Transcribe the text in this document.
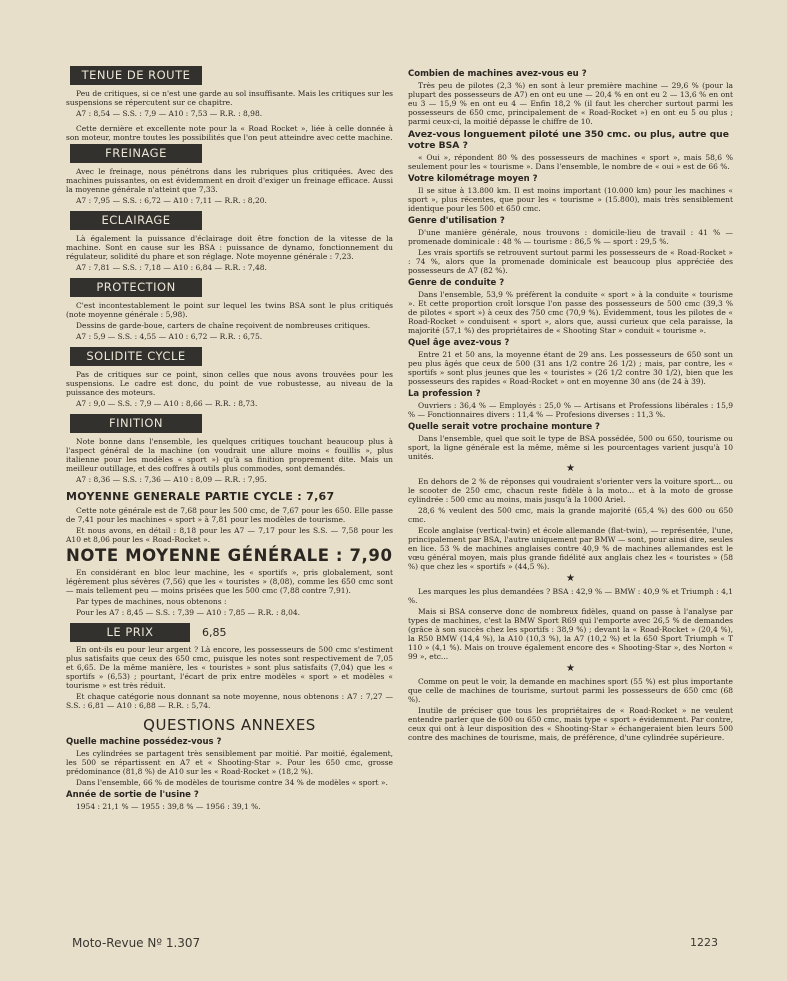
TENUE DE ROUTE

Peu de critiques, si ce n'est une garde au sol insuffisante. Mais les critiques sur les suspensions se répercutent sur ce chapitre.

A7 : 8,54 — S.S. : 7,9 — A10 : 7,53 — R.R. : 8,98.

Cette dernière et excellente note pour la « Road Rocket », liée à celle donnée à son moteur, montre toutes les possibilités que l'on peut atteindre avec cette machine.

FREINAGE

Avec le freinage, nous pénétrons dans les rubriques plus critiquées. Avec des machines puissantes, on est évidemment en droit d'exiger un freinage efficace. Aussi la moyenne générale n'atteint que 7,33.

A7 : 7,95 — S.S. : 6,72 — A10 : 7,11 — R.R. : 8,20.

ECLAIRAGE

Là également la puissance d'éclairage doit être fonction de la vitesse de la machine. Sont en cause sur les BSA : puissance de dynamo, fonctionnement du régulateur, solidité du phare et son réglage. Note moyenne générale : 7,23.

A7 : 7,81 — S.S. : 7,18 — A10 : 6,84 — R.R. : 7,48.

PROTECTION

C'est incontestablement le point sur lequel les twins BSA sont le plus critiqués (note moyenne générale : 5,98).

Dessins de garde-boue, carters de chaîne reçoivent de nombreuses critiques.

A7 : 5,9 — S.S. : 4,55 — A10 : 6,72 — R.R. : 6,75.

SOLIDITE CYCLE

Pas de critiques sur ce point, sinon celles que nous avons trouvées pour les suspensions. Le cadre est donc, du point de vue robustesse, au niveau de la puissance des moteurs.

A7 : 9,0 — S.S. : 7,9 — A10 : 8,66 — R.R. : 8,73.

FINITION

Note bonne dans l'ensemble, les quelques critiques touchant beaucoup plus à l'aspect général de la machine (on voudrait une allure moins « fouillis », plus italienne pour les modèles « sport ») qu'à sa finition proprement dite. Mais un meilleur outillage, et des coffres à outils plus commodes, sont demandés.

A7 : 8,36 — S.S. : 7,36 — A10 : 8,09 — R.R. : 7,95.

MOYENNE GENERALE PARTIE CYCLE : 7,67

Cette note générale est de 7,68 pour les 500 cmc, de 7,67 pour les 650. Elle passe de 7,41 pour les machines « sport » à 7,81 pour les modèles de tourisme.

Et nous avons, en détail : 8,18 pour les A7 — 7,17 pour les S.S. — 7,58 pour les A10 et 8,06 pour les « Road-Rocket ».

NOTE MOYENNE GÉNÉRALE : 7,90

En considérant en bloc leur machine, les « sportifs », pris globalement, sont légèrement plus sévères (7,56) que les « touristes » (8,08), comme les 650 cmc sont — mais tellement peu — moins prisées que les 500 cmc (7,88 contre 7,91).

Par types de machines, nous obtenons :

Pour les A7 : 8,45 — S.S. : 7,39 — A10 : 7,85 — R.R. : 8,04.

LE PRIX	6,85

En ont-ils eu pour leur argent ? Là encore, les possesseurs de 500 cmc s'estiment plus satisfaits que ceux des 650 cmc, puisque les notes sont respectivement de 7,05 et 6,65. De la même manière, les « touristes » sont plus satisfaits (7,04) que les « sportifs » (6,53) ; pourtant, l'écart de prix entre modèles « sport » et modèles « tourisme » est très réduit.

Et chaque catégorie nous donnant sa note moyenne, nous obtenons : A7 : 7,27 — S.S. : 6,81 — A10 : 6,88 — R.R. : 5,74.

QUESTIONS ANNEXES
Quelle machine possédez-vous ?

Les cylindrées se partagent très sensiblement par moitié. Par moitié, également, les 500 se répartissent en A7 et « Shooting-Star ». Pour les 650 cmc, grosse prédominance (81,8 %) de A10 sur les « Road-Rocket » (18,2 %).

Dans l'ensemble, 66 % de modèles de tourisme contre 34 % de modèles « sport ».

Année de sortie de l'usine ?

1954 : 21,1 % — 1955 : 39,8 % — 1956 : 39,1 %.

Combien de machines avez-vous eu ?

Très peu de pilotes (2,3 %) en sont à leur première machine — 29,6 % (pour la plupart des possesseurs de A7) en ont eu une — 20,4 % en ont eu 2 — 13,6 % en ont eu 3 — 15,9 % en ont eu 4 — Enfin 18,2 % (il faut les chercher surtout parmi les possesseurs de 650 cmc, principalement de « Road-Rocket ») en ont eu 5 ou plus ; parmi ceux-ci, la moitié dépasse le chiffre de 10.

Avez-vous longuement piloté une 350 cmc. ou plus, autre que votre BSA ?

« Oui », répondent 80 % des possesseurs de machines « sport », mais 58,6 % seulement pour les « tourisme ». Dans l'ensemble, le nombre de « oui » est de 66 %.

Votre kilométrage moyen ?

Il se situe à 13.800 km. Il est moins important (10.000 km) pour les machines « sport », plus récentes, que pour les « tourisme » (15.800), mais très sensiblement identique pour les 500 et 650 cmc.

Genre d'utilisation ?

D'une manière générale, nous trouvons : domicile-lieu de travail : 41 % — promenade dominicale : 48 % — tourisme : 86,5 % — sport : 29,5 %.

Les vrais sportifs se retrouvent surtout parmi les possesseurs de « Road-Rocket » : 74 %, alors que la promenade dominicale est beaucoup plus appréciée des possesseurs de A7 (82 %).

Genre de conduite ?

Dans l'ensemble, 53,9 % préfèrent la conduite « sport » à la conduite « tourisme ». Et cette proportion croît lorsque l'on passe des possesseurs de 500 cmc (39,3 % de pilotes « sport ») à ceux des 750 cmc (70,9 %). Evidemment, tous les pilotes de « Road-Rocket » conduisent « sport », alors que, aussi curieux que cela paraisse, la majorité (57,1 %) des propriétaires de « Shooting Star » conduit « tourisme ».

Quel âge avez-vous ?

Entre 21 et 50 ans, la moyenne étant de 29 ans. Les possesseurs de 650 sont un peu plus âgés que ceux de 500 (31 ans 1/2 contre 26 1/2) ; mais, par contre, les « sportifs » sont plus jeunes que les « touristes » (26 1/2 contre 30 1/2), bien que les possesseurs des rapides « Road-Rocket » ont en moyenne 30 ans (de 24 à 39).

La profession ?

Ouvriers : 36,4 % — Employés : 25,0 % — Artisans et Professions libérales : 15,9 % — Fonctionnaires divers : 11,4 % — Profesions diverses : 11,3 %.

Quelle serait votre prochaine monture ?

Dans l'ensemble, quel que soit le type de BSA possédée, 500 ou 650, tourisme ou sport, la ligne générale est la même, même si les pourcentages varient jusqu'à 10 unités.

★

En dehors de 2 % de réponses qui voudraient s'orienter vers la voiture sport... ou le scooter de 250 cmc, chacun reste fidèle à la moto... et à la moto de grosse cylindrée : 500 cmc au moins, mais jusqu'à la 1000 Ariel.

28,6 % veulent des 500 cmc, mais la grande majorité (65,4 %) des 600 ou 650 cmc.

Ecole anglaise (vertical-twin) et école allemande (flat-twin), — représentée, l'une, principalement par BSA, l'autre uniquement par BMW — sont, pour ainsi dire, seules en lice. 53 % de machines anglaises contre 40,9 % de machines allemandes est le vœu général moyen, mais plus grande fidélité aux anglais chez les « touristes » (58 %) que chez les « sportifs » (44,5 %).

★

Les marques les plus demandées ? BSA : 42,9 % — BMW : 40,9 % et Triumph : 4,1 %.

Mais si BSA conserve donc de nombreux fidèles, quand on passe à l'analyse par types de machines, c'est la BMW Sport R69 qui l'emporte avec 26,5 % de demandes (grâce à son succès chez les sportifs : 38,9 %) ; devant la « Road-Rocket » (20,4 %), la R50 BMW (14,4 %), la A10 (10,3 %), la A7 (10,2 %) et la 650 Sport Triumph « T 110 » (4,1 %). Mais on trouve également encore des « Shooting-Star », des Norton « 99 », etc...

★

Comme on peut le voir, la demande en machines sport (55 %) est plus importante que celle de machines de tourisme, surtout parmi les possesseurs de 650 cmc (68 %).

Inutile de préciser que tous les propriétaires de « Road-Rocket » ne veulent entendre parler que de 600 ou 650 cmc, mais type « sport » évidemment. Par contre, ceux qui ont à leur disposition des « Shooting-Star » échangeraient bien leurs 500 contre des machines de tourisme, mais, de préférence, d'une cylindrée supérieure.

Moto-Revue Nº 1.307	1223
